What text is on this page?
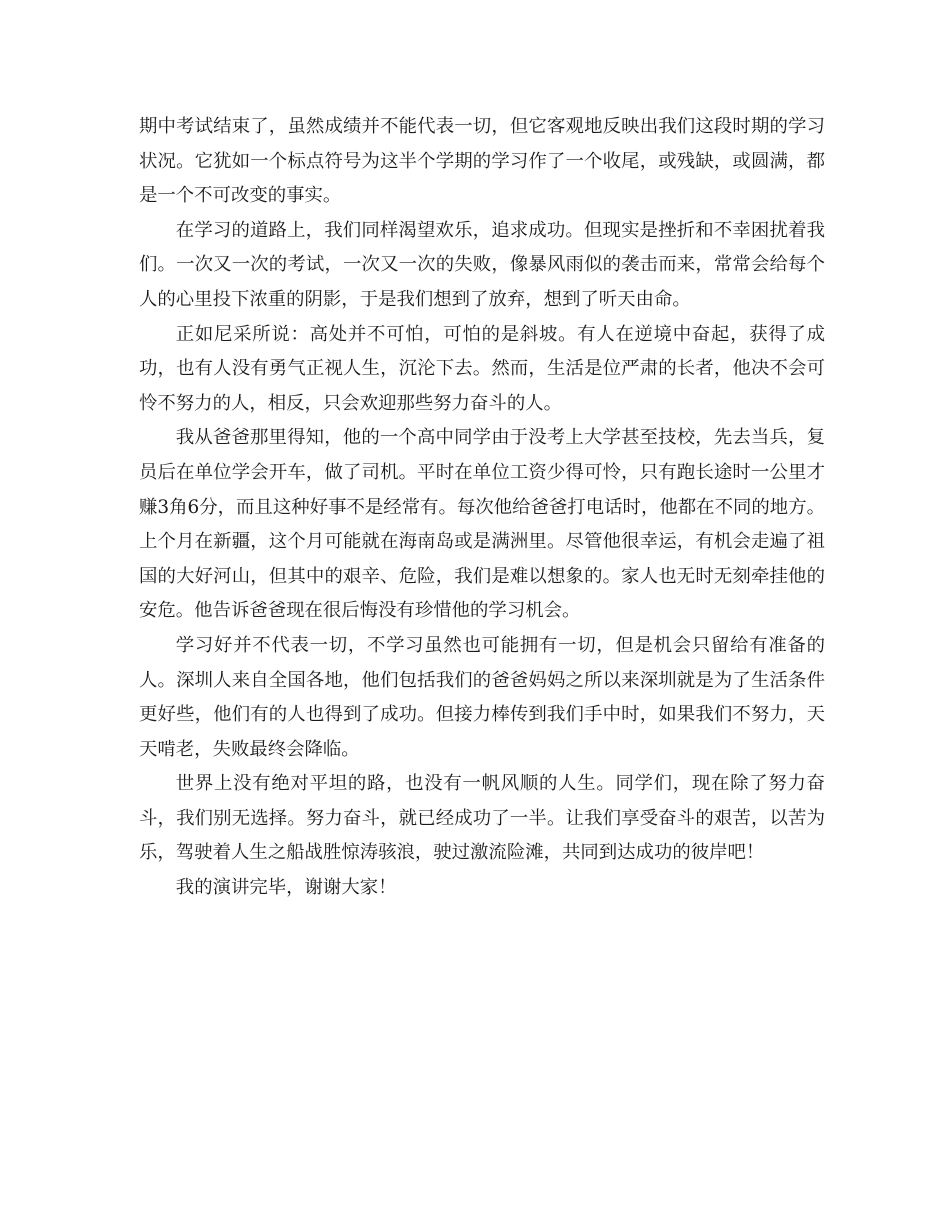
期中考试结束了，虽然成绩并不能代表一切，但它客观地反映出我们这段时期的学习状况。它犹如一个标点符号为这半个学期的学习作了一个收尾，或残缺，或圆满，都是一个不可改变的事实。

在学习的道路上，我们同样渴望欢乐，追求成功。但现实是挫折和不幸困扰着我们。一次又一次的考试，一次又一次的失败，像暴风雨似的袭击而来，常常会给每个人的心里投下浓重的阴影，于是我们想到了放弃，想到了听天由命。

正如尼采所说：高处并不可怕，可怕的是斜坡。有人在逆境中奋起，获得了成功，也有人没有勇气正视人生，沉沦下去。然而，生活是位严肃的长者，他决不会可怜不努力的人，相反，只会欢迎那些努力奋斗的人。

我从爸爸那里得知，他的一个高中同学由于没考上大学甚至技校，先去当兵，复员后在单位学会开车，做了司机。平时在单位工资少得可怜，只有跑长途时一公里才赚3角6分，而且这种好事不是经常有。每次他给爸爸打电话时，他都在不同的地方。上个月在新疆，这个月可能就在海南岛或是满洲里。尽管他很幸运，有机会走遍了祖国的大好河山，但其中的艰辛、危险，我们是难以想象的。家人也无时无刻牵挂他的安危。他告诉爸爸现在很后悔没有珍惜他的学习机会。

学习好并不代表一切，不学习虽然也可能拥有一切，但是机会只留给有准备的人。深圳人来自全国各地，他们包括我们的爸爸妈妈之所以来深圳就是为了生活条件更好些，他们有的人也得到了成功。但接力棒传到我们手中时，如果我们不努力，天天啃老，失败最终会降临。

世界上没有绝对平坦的路，也没有一帆风顺的人生。同学们，现在除了努力奋斗，我们别无选择。努力奋斗，就已经成功了一半。让我们享受奋斗的艰苦，以苦为乐，驾驶着人生之船战胜惊涛骇浪，驶过激流险滩，共同到达成功的彼岸吧！

我的演讲完毕，谢谢大家！
